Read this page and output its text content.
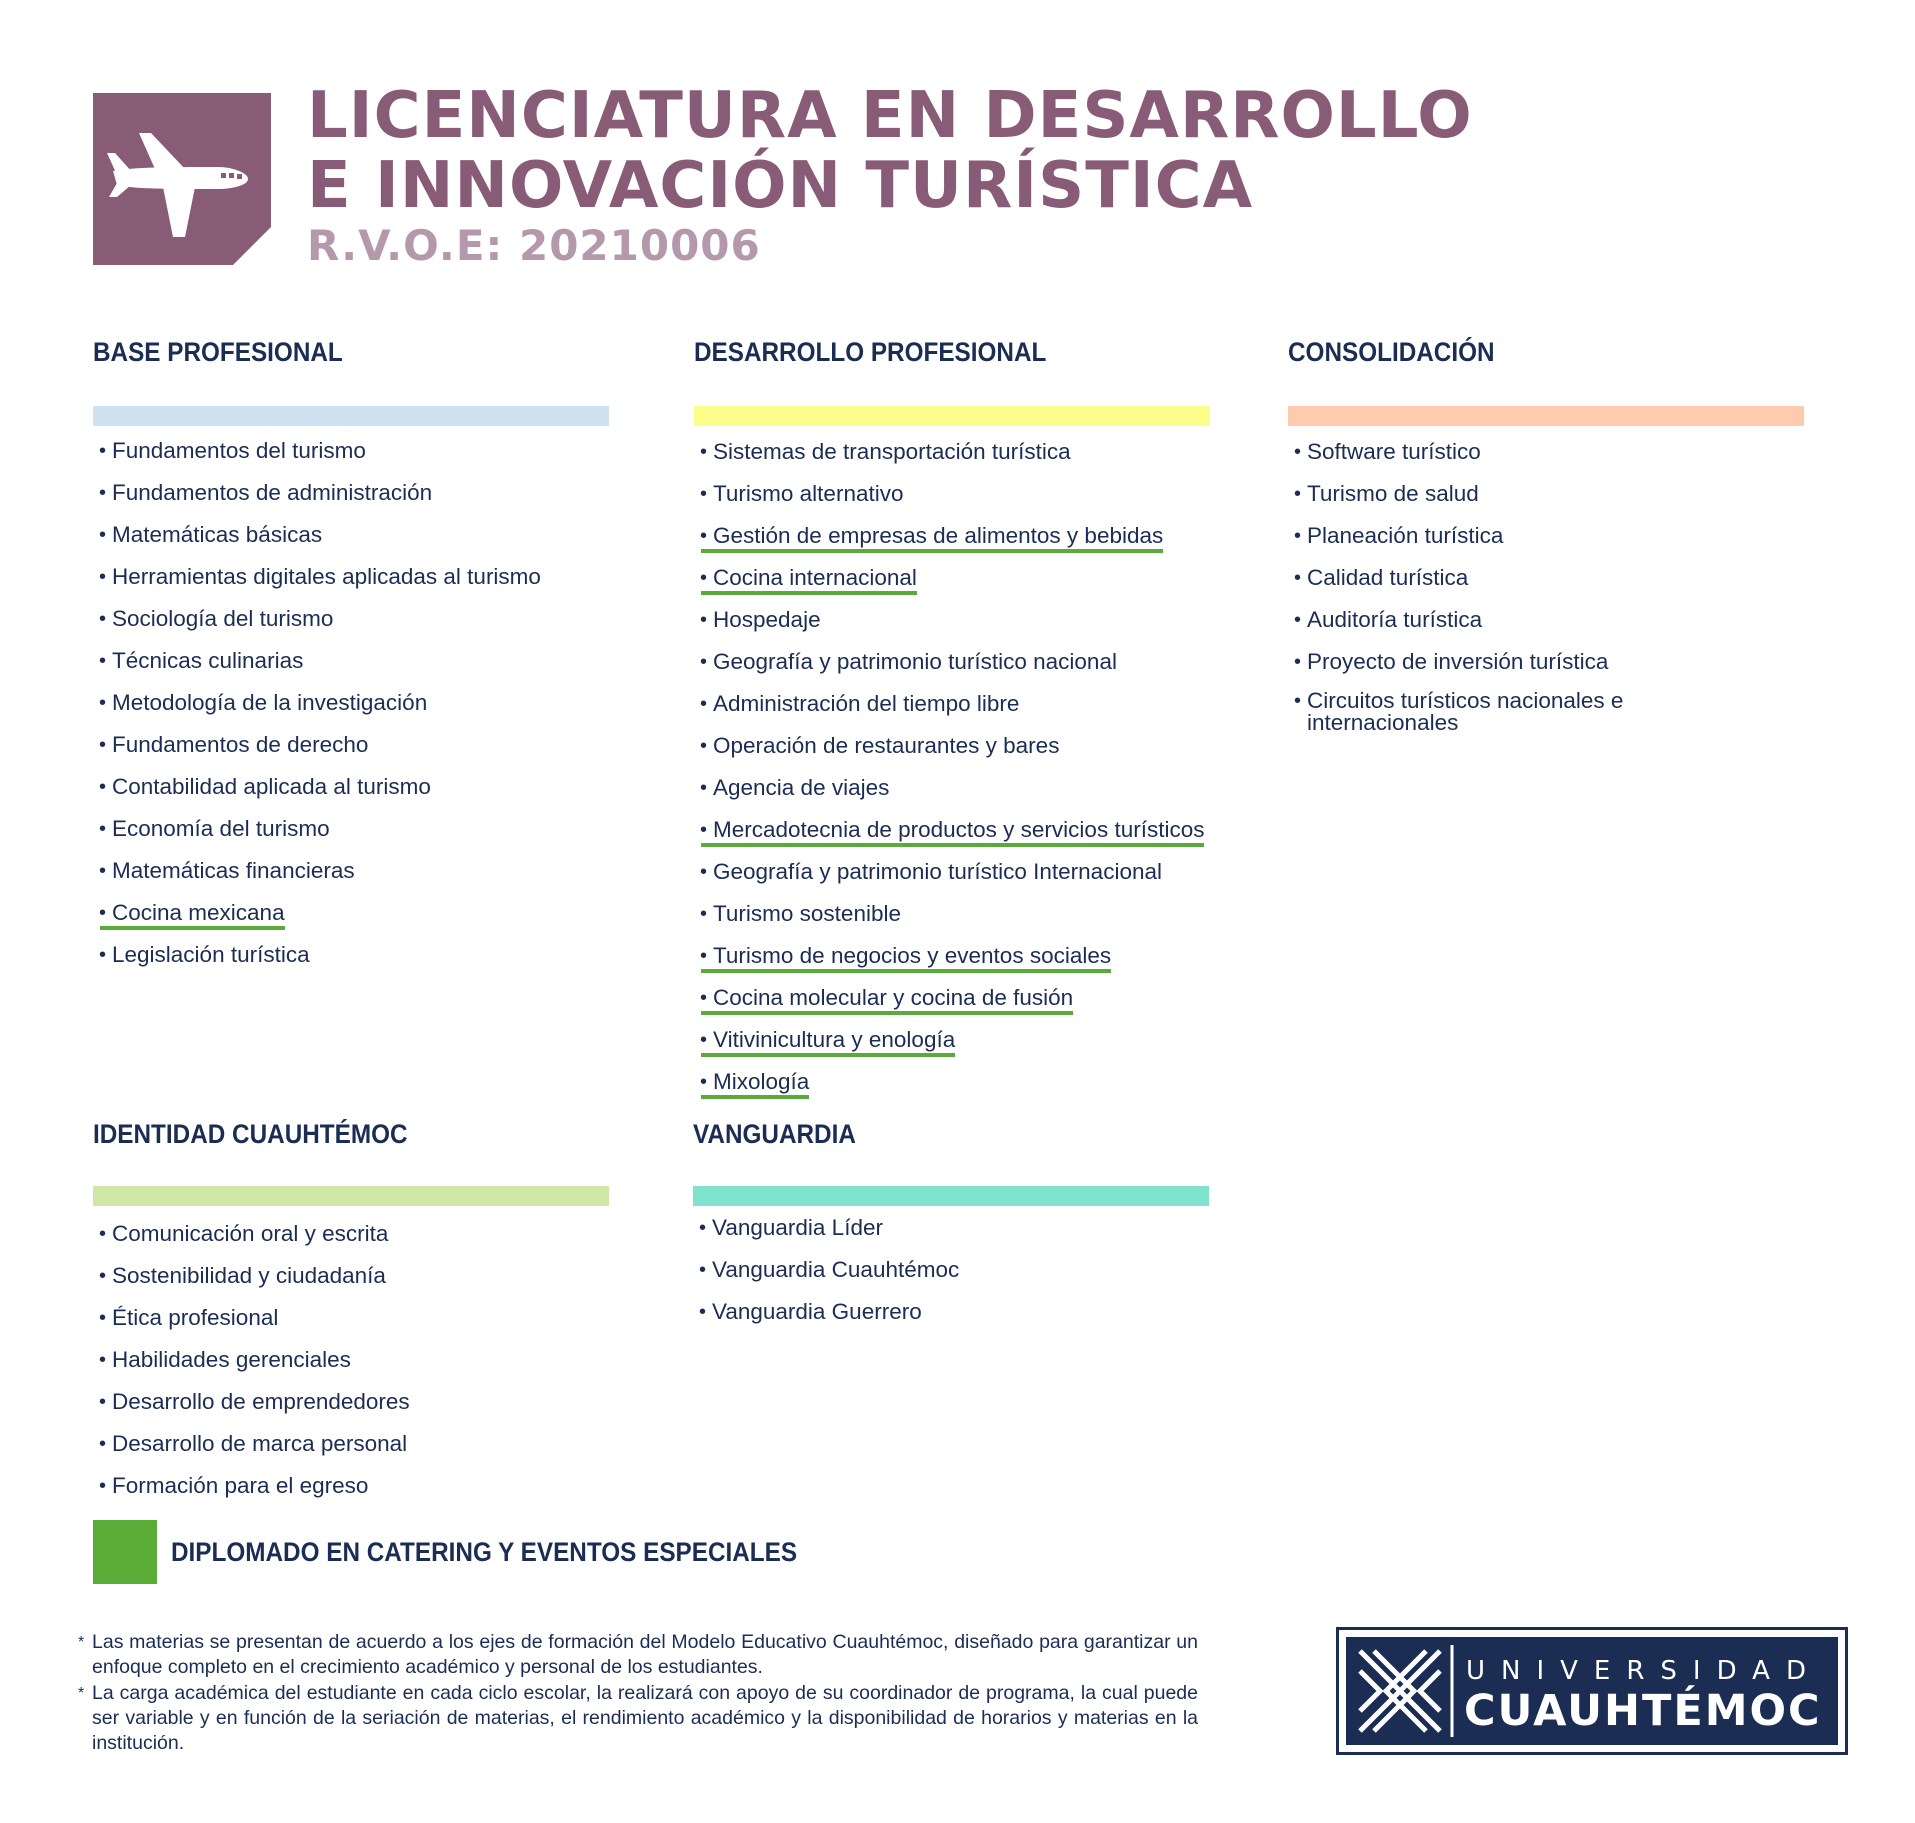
LICENCIATURA EN DESARROLLO
E INNOVACIÓN TURÍSTICA

R.V.O.E: 20210006

BASE PROFESIONAL
• Fundamentos del turismo
• Fundamentos de administración
• Matemáticas básicas
• Herramientas digitales aplicadas al turismo
• Sociología del turismo
• Técnicas culinarias
• Metodología de la investigación
• Fundamentos de derecho
• Contabilidad aplicada al turismo
• Economía del turismo
• Matemáticas financieras
• Cocina mexicana
• Legislación turística
DESARROLLO PROFESIONAL
• Sistemas de transportación turística
• Turismo alternativo
• Gestión de empresas de alimentos y bebidas
• Cocina internacional
• Hospedaje
• Geografía y patrimonio turístico nacional
• Administración del tiempo libre
• Operación de restaurantes y bares
• Agencia de viajes
• Mercadotecnia de productos y servicios turísticos
• Geografía y patrimonio turístico Internacional
• Turismo sostenible
• Turismo de negocios y eventos sociales
• Cocina molecular y cocina de fusión
• Vitivinicultura y enología
• Mixología
CONSOLIDACIÓN
• Software turístico
• Turismo de salud
• Planeación turística
• Calidad turística
• Auditoría turística
• Proyecto de inversión turística
• Circuitos turísticos nacionales e internacionales
IDENTIDAD CUAUHTÉMOC
• Comunicación oral y escrita
• Sostenibilidad y ciudadanía
• Ética profesional
• Habilidades gerenciales
• Desarrollo de emprendedores
• Desarrollo de marca personal
• Formación para el egreso
VANGUARDIA
• Vanguardia Líder
• Vanguardia Cuauhtémoc
• Vanguardia Guerrero
DIPLOMADO EN CATERING Y EVENTOS ESPECIALES

* Las materias se presentan de acuerdo a los ejes de formación del Modelo Educativo Cuauhtémoc, diseñado para garantizar un enfoque completo en el crecimiento académico y personal de los estudiantes.

* La carga académica del estudiante en cada ciclo escolar, la realizará con apoyo de su coordinador de programa, la cual puede ser variable y en función de la seriación de materias, el rendimiento académico y la disponibilidad de horarios y materias en la institución.

UNIVERSIDAD
CUAUHTÉMOC
